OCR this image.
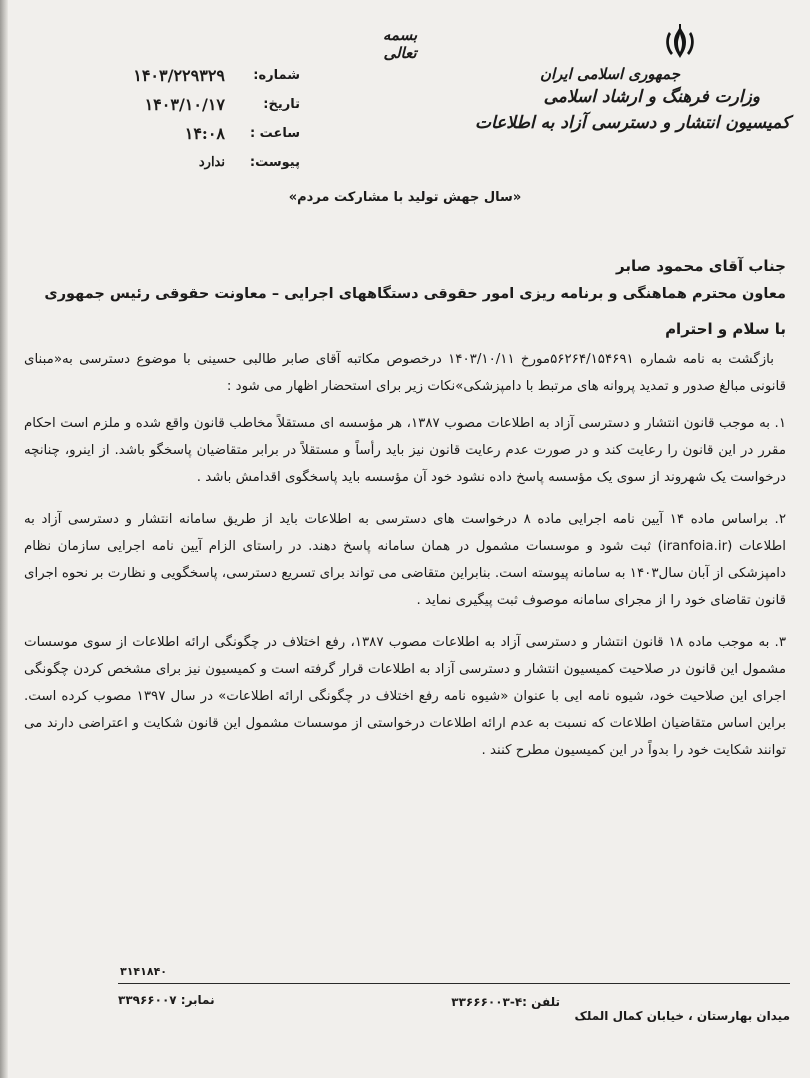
جمهوری اسلامی ایران
وزارت فرهنگ و ارشاد اسلامی
کمیسیون انتشار و دسترسی آزاد به اطلاعات
بسمه تعالی
شماره:
۱۴۰۳/۲۲۹۳۲۹
تاریخ:
۱۴۰۳/۱۰/۱۷
ساعت :
۱۴:۰۸
پیوست:
ندارد
«سال جهش تولید با مشارکت مردم»
جناب آقای محمود صابر
معاون محترم هماهنگی و برنامه ریزی امور حقوقی دستگاههای اجرایی – معاونت حقوقی رئیس جمهوری
با سلام و احترام

بازگشت به نامه شماره ۵۶۲۶۴/۱۵۴۶۹۱مورخ ۱۴۰۳/۱۰/۱۱ درخصوص مکاتبه آقای صابر طالبی حسینی با موضوع دسترسی به«مبنای قانونی مبالغ صدور و تمدید پروانه های مرتبط با دامپزشکی»نکات زیر برای استحضار اظهار می شود :

۱. به موجب قانون انتشار و دسترسی آزاد به اطلاعات مصوب ۱۳۸۷، هر مؤسسه ای مستقلاً مخاطب قانون واقع شده و ملزم است احکام مقرر در این قانون را رعایت کند و در صورت عدم رعایت قانون نیز باید رأساً و مستقلاً در برابر متقاضیان پاسخگو باشد. از اینرو، چنانچه درخواست یک شهروند از سوی یک مؤسسه پاسخ داده نشود خود آن مؤسسه باید پاسخگوی اقدامش باشد .

۲. براساس ماده ۱۴ آیین نامه اجرایی ماده ۸ درخواست های دسترسی به اطلاعات باید از طریق سامانه انتشار و دسترسی آزاد به اطلاعات (iranfoia.ir) ثبت شود و موسسات مشمول در همان سامانه پاسخ دهند. در راستای الزام آیین نامه اجرایی سازمان نظام دامپزشکی از آبان سال۱۴۰۳ به سامانه پیوسته است. بنابراین متقاضی می تواند برای تسریع دسترسی، پاسخگویی و نظارت بر نحوه اجرای قانون تقاضای خود را از مجرای سامانه موصوف ثبت پیگیری نماید .

۳. به موجب ماده ۱۸ قانون انتشار و دسترسی آزاد به اطلاعات مصوب ۱۳۸۷، رفع اختلاف در چگونگی ارائه اطلاعات از سوی موسسات مشمول این قانون در صلاحیت کمیسیون انتشار و دسترسی آزاد به اطلاعات قرار گرفته است و کمیسیون نیز برای مشخص کردن چگونگی اجرای این صلاحیت خود، شیوه نامه ایی با عنوان «شیوه نامه رفع اختلاف در چگونگی ارائه اطلاعات» در سال ۱۳۹۷ مصوب کرده است. براین اساس متقاضیان اطلاعات که نسبت به عدم ارائه اطلاعات درخواستی از موسسات مشمول این قانون شکایت و اعتراضی دارند می توانند شکایت خود را بدواً در این کمیسیون مطرح کنند .

۳۱۴۱۸۴۰
میدان بهارستان ، خیابان کمال الملک
تلفن :۴-۳۳۶۶۶۰۰۳
نمابر: ۳۳۹۶۶۰۰۷
